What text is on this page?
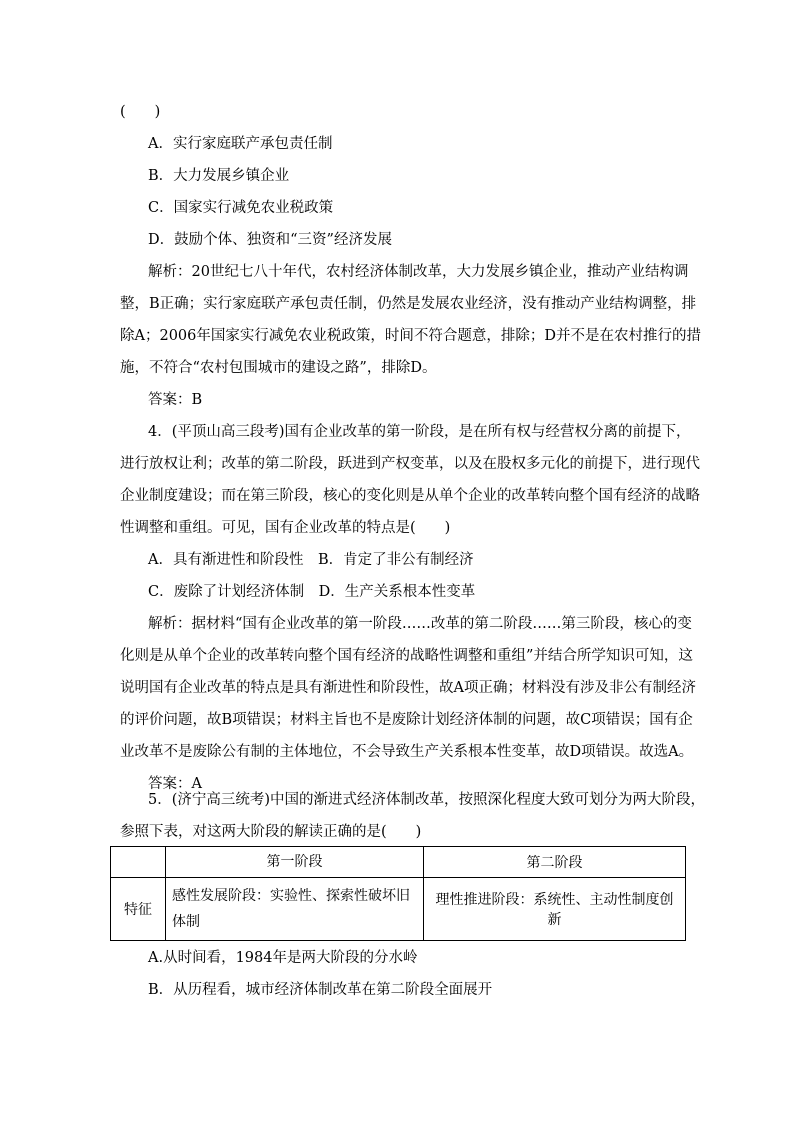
(　　)
A．实行家庭联产承包责任制
B．大力发展乡镇企业
C．国家实行减免农业税政策
D．鼓励个体、独资和“三资”经济发展
解析：20世纪七八十年代，农村经济体制改革，大力发展乡镇企业，推动产业结构调
整，B正确；实行家庭联产承包责任制，仍然是发展农业经济，没有推动产业结构调整，排
除A；2006年国家实行减免农业税政策，时间不符合题意，排除；D并不是在农村推行的措
施，不符合“农村包围城市的建设之路”，排除D。
答案：B
4．(平顶山高三段考)国有企业改革的第一阶段，是在所有权与经营权分离的前提下，
进行放权让利；改革的第二阶段，跃进到产权变革，以及在股权多元化的前提下，进行现代
企业制度建设；而在第三阶段，核心的变化则是从单个企业的改革转向整个国有经济的战略
性调整和重组。可见，国有企业改革的特点是(　　)
A．具有渐进性和阶段性　B．肯定了非公有制经济
C．废除了计划经济体制　D．生产关系根本性变革
解析：据材料“国有企业改革的第一阶段……改革的第二阶段……第三阶段，核心的变
化则是从单个企业的改革转向整个国有经济的战略性调整和重组”并结合所学知识可知，这
说明国有企业改革的特点是具有渐进性和阶段性，故A项正确；材料没有涉及非公有制经济
的评价问题，故B项错误；材料主旨也不是废除计划经济体制的问题，故C项错误；国有企
业改革不是废除公有制的主体地位，不会导致生产关系根本性变革，故D项错误。故选A。
答案：A
5．(济宁高三统考)中国的渐进式经济体制改革，按照深化程度大致可划分为两大阶段，
参照下表，对这两大阶段的解读正确的是(　　)
	第一阶段	第二阶段
特征	感性发展阶段：实验性、探索性破坏旧体制	理性推进阶段：系统性、主动性制度创新
A.从时间看，1984年是两大阶段的分水岭
B．从历程看，城市经济体制改革在第二阶段全面展开
